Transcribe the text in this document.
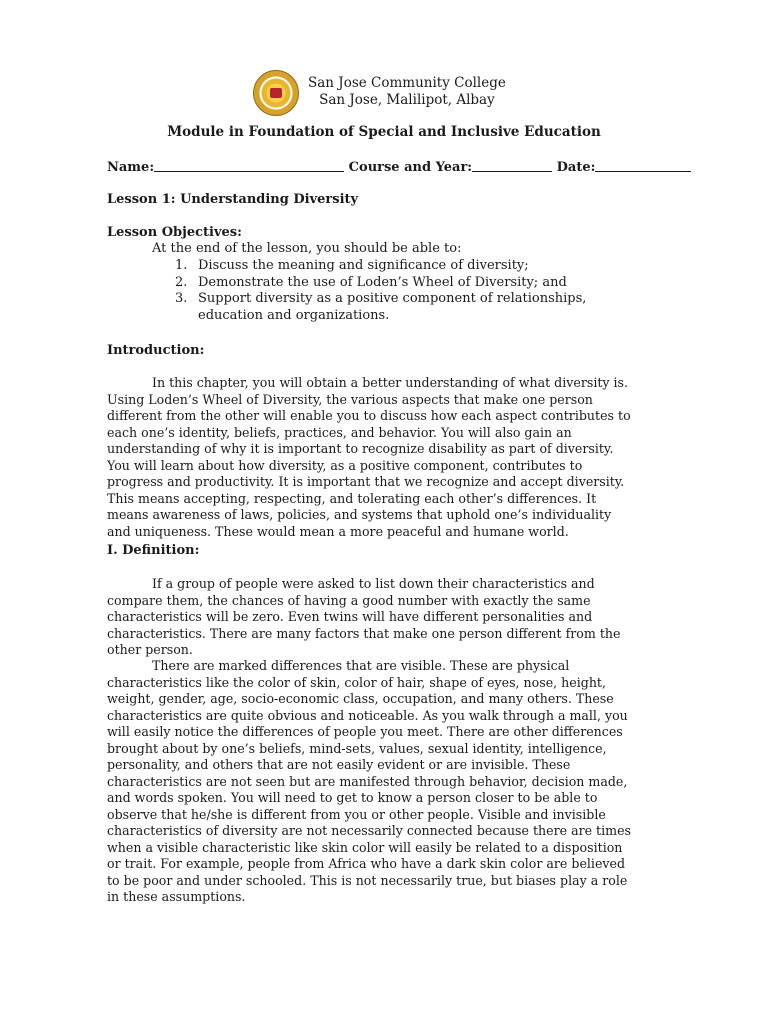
San Jose Community College
San Jose, Malilipot, Albay
Module in Foundation of Special and Inclusive Education
Name:	Course and Year:	Date:
Lesson 1: Understanding Diversity
Lesson Objectives:
At the end of the lesson, you should be able to:
1. Discuss the meaning and significance of diversity;
2. Demonstrate the use of Loden’s Wheel of Diversity; and
3. Support diversity as a positive component of relationships, education and organizations.
Introduction:
In this chapter, you will obtain a better understanding of what diversity is. Using Loden’s Wheel of Diversity, the various aspects that make one person different from the other will enable you to discuss how each aspect contributes to each one’s identity, beliefs, practices, and behavior. You will also gain an understanding of why it is important to recognize disability as part of diversity. You will learn about how diversity, as a positive component, contributes to progress and productivity. It is important that we recognize and accept diversity. This means accepting, respecting, and tolerating each other’s differences. It means awareness of laws, policies, and systems that uphold one’s individuality and uniqueness. These would mean a more peaceful and humane world.
I. Definition:
If a group of people were asked to list down their characteristics and compare them, the chances of having a good number with exactly the same characteristics will be zero. Even twins will have different personalities and characteristics. There are many factors that make one person different from the other person.
There are marked differences that are visible. These are physical characteristics like the color of skin, color of hair, shape of eyes, nose, height, weight, gender, age, socio-economic class, occupation, and many others. These characteristics are quite obvious and noticeable. As you walk through a mall, you will easily notice the differences of people you meet. There are other differences brought about by one’s beliefs, mind-sets, values, sexual identity, intelligence, personality, and others that are not easily evident or are invisible. These characteristics are not seen but are manifested through behavior, decision made, and words spoken. You will need to get to know a person closer to be able to observe that he/she is different from you or other people. Visible and invisible characteristics of diversity are not necessarily connected because there are times when a visible characteristic like skin color will easily be related to a disposition or trait. For example, people from Africa who have a dark skin color are believed to be poor and under schooled. This is not necessarily true, but biases play a role in these assumptions.
